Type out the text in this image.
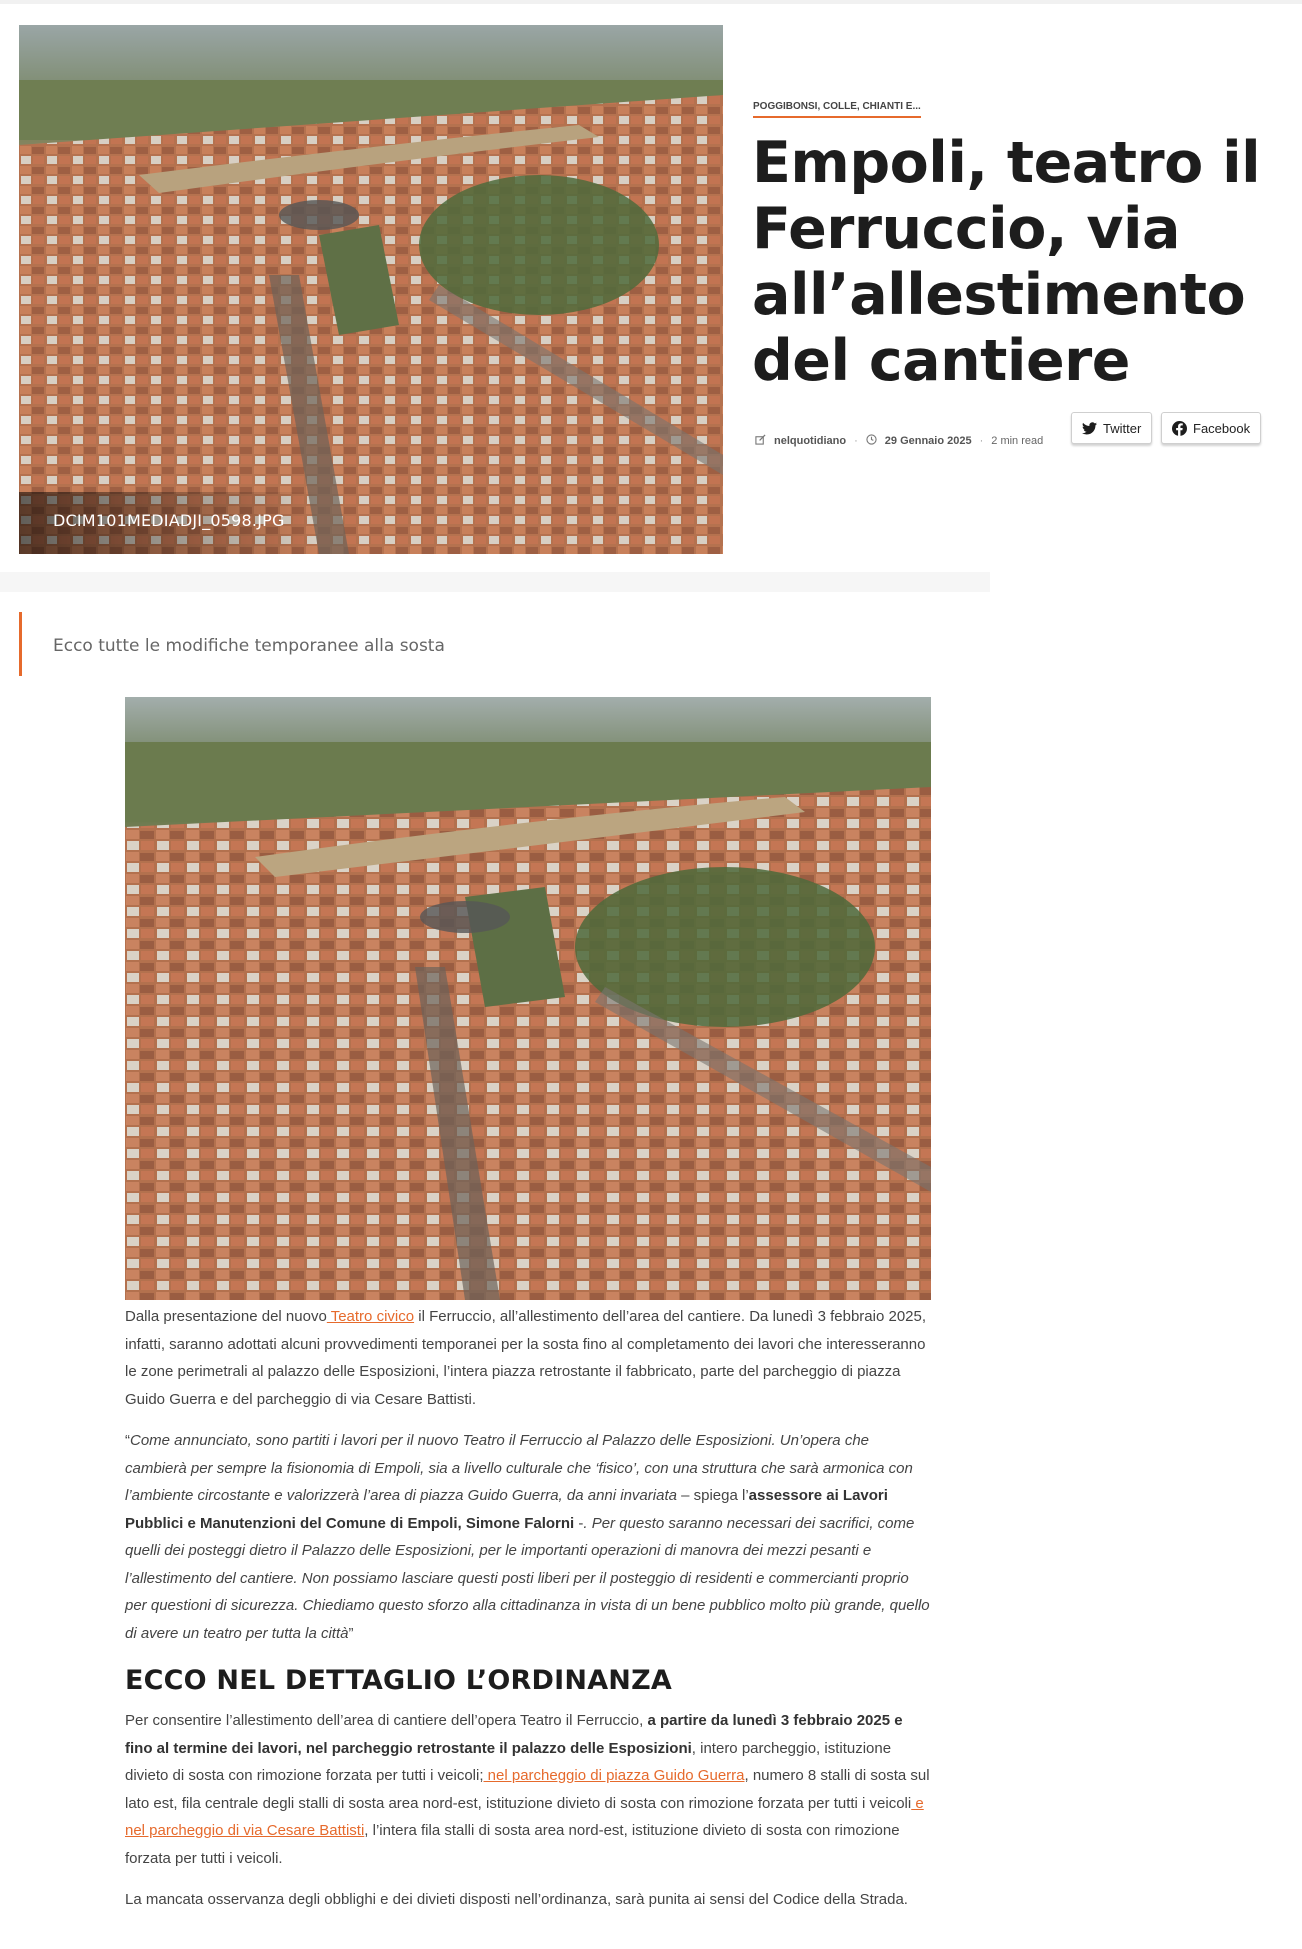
DCIM101MEDIADJI_0598.JPG
POGGIBONSI, COLLE, CHIANTI E...
Empoli, teatro il Ferruccio, via all’allestimento del cantiere
nelquotidiano · 29 Gennaio 2025 · 2 min read
Twitter	Facebook
Ecco tutte le modifiche temporanee alla sosta

Dalla presentazione del nuovo Teatro civico il Ferruccio, all’allestimento dell’area del cantiere. Da lunedì 3 febbraio 2025, infatti, saranno adottati alcuni provvedimenti temporanei per la sosta fino al completamento dei lavori che interesseranno le zone perimetrali al palazzo delle Esposizioni, l’intera piazza retrostante il fabbricato, parte del parcheggio di piazza Guido Guerra e del parcheggio di via Cesare Battisti.

“Come annunciato, sono partiti i lavori per il nuovo Teatro il Ferruccio al Palazzo delle Esposizioni. Un’opera che cambierà per sempre la fisionomia di Empoli, sia a livello culturale che ‘fisico’, con una struttura che sarà armonica con l’ambiente circostante e valorizzerà l’area di piazza Guido Guerra, da anni invariata – spiega l’assessore ai Lavori Pubblici e Manutenzioni del Comune di Empoli, Simone Falorni -. Per questo saranno necessari dei sacrifici, come quelli dei posteggi dietro il Palazzo delle Esposizioni, per le importanti operazioni di manovra dei mezzi pesanti e l’allestimento del cantiere. Non possiamo lasciare questi posti liberi per il posteggio di residenti e commercianti proprio per questioni di sicurezza. Chiediamo questo sforzo alla cittadinanza in vista di un bene pubblico molto più grande, quello di avere un teatro per tutta la città”

ECCO NEL DETTAGLIO L’ORDINANZA

Per consentire l’allestimento dell’area di cantiere dell’opera Teatro il Ferruccio, a partire da lunedì 3 febbraio 2025 e fino al termine dei lavori, nel parcheggio retrostante il palazzo delle Esposizioni, intero parcheggio, istituzione divieto di sosta con rimozione forzata per tutti i veicoli; nel parcheggio di piazza Guido Guerra, numero 8 stalli di sosta sul lato est, fila centrale degli stalli di sosta area nord-est, istituzione divieto di sosta con rimozione forzata per tutti i veicoli e nel parcheggio di via Cesare Battisti, l’intera fila stalli di sosta area nord-est, istituzione divieto di sosta con rimozione forzata per tutti i veicoli.

La mancata osservanza degli obblighi e dei divieti disposti nell’ordinanza, sarà punita ai sensi del Codice della Strada.
